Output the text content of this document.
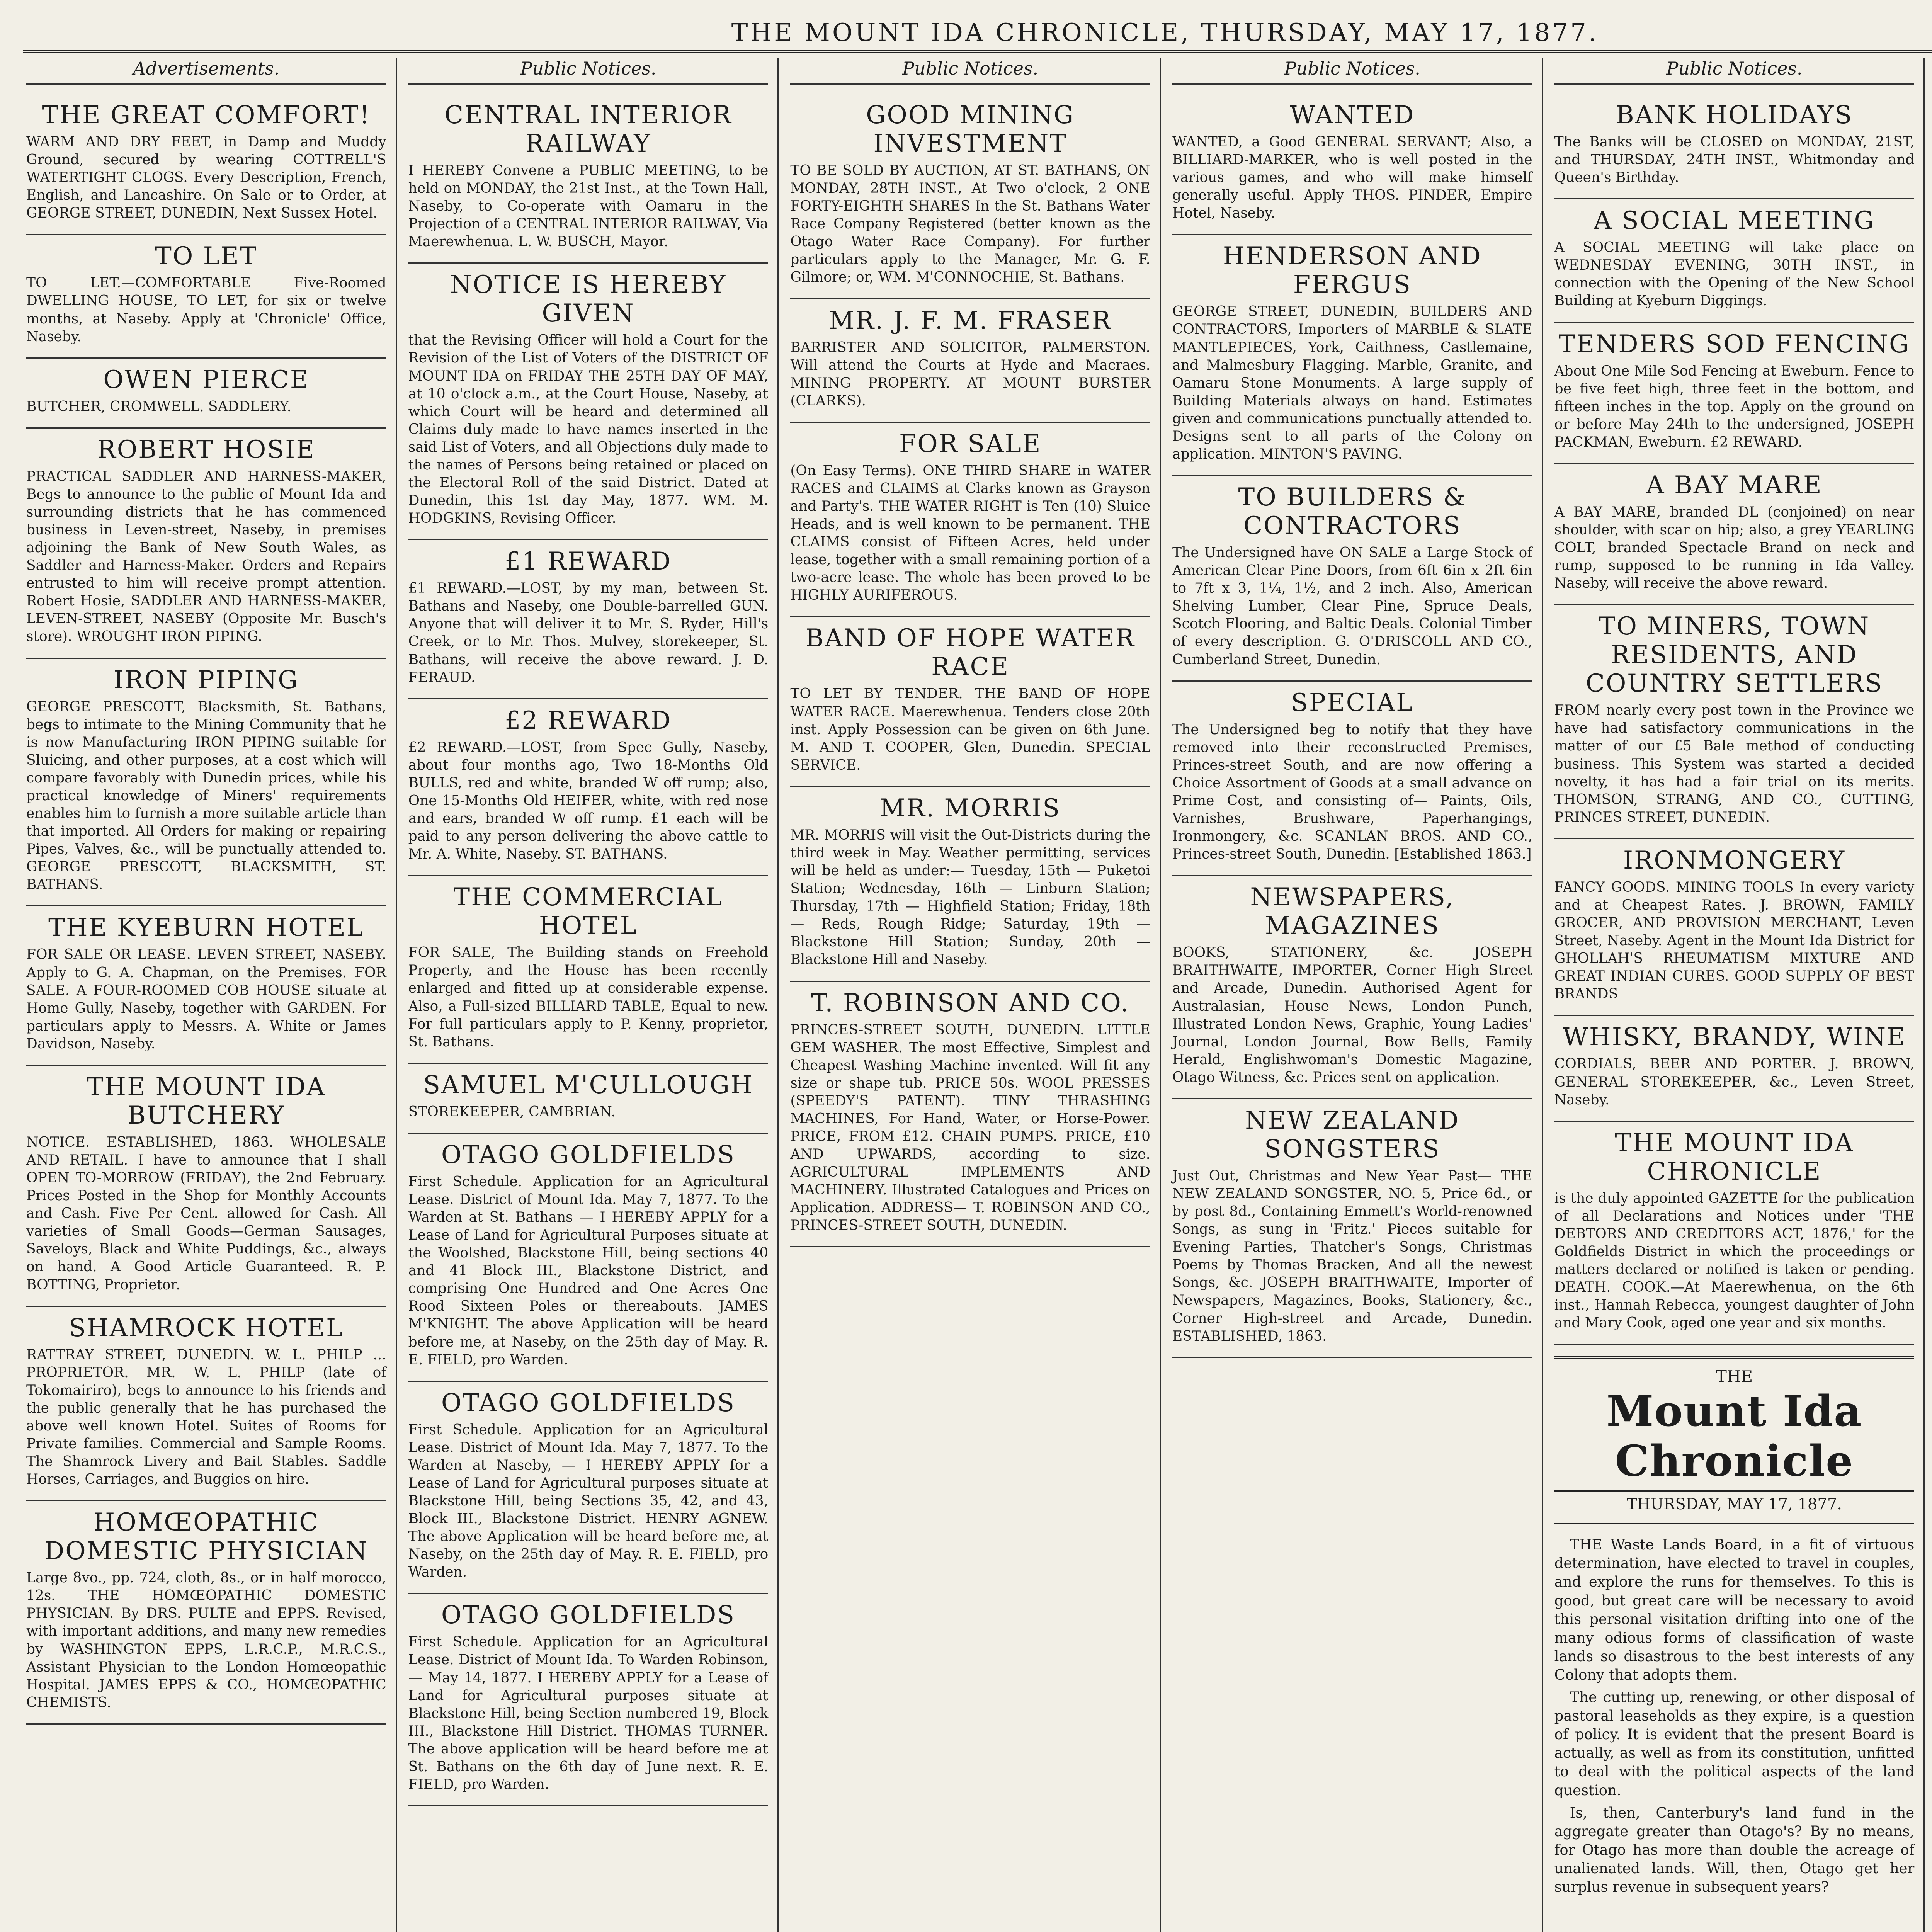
THE MOUNT IDA CHRONICLE, THURSDAY, MAY 17, 1877.
Advertisements.
THE GREAT COMFORT!

WARM AND DRY FEET, in Damp and Muddy Ground, secured by wearing COTTRELL'S WATERTIGHT CLOGS. Every Description, French, English, and Lancashire. On Sale or to Order, at GEORGE STREET, DUNEDIN, Next Sussex Hotel.

TO LET

TO LET.—COMFORTABLE Five-Roomed DWELLING HOUSE, TO LET, for six or twelve months, at Naseby. Apply at 'Chronicle' Office, Naseby.

OWEN PIERCE

BUTCHER, CROMWELL. SADDLERY.

ROBERT HOSIE

PRACTICAL SADDLER AND HARNESS-MAKER, Begs to announce to the public of Mount Ida and surrounding districts that he has commenced business in Leven-street, Naseby, in premises adjoining the Bank of New South Wales, as Saddler and Harness-Maker. Orders and Repairs entrusted to him will receive prompt attention. Robert Hosie, SADDLER AND HARNESS-MAKER, LEVEN-STREET, NASEBY (Opposite Mr. Busch's store). WROUGHT IRON PIPING.

IRON PIPING

GEORGE PRESCOTT, Blacksmith, St. Bathans, begs to intimate to the Mining Community that he is now Manufacturing IRON PIPING suitable for Sluicing, and other purposes, at a cost which will compare favorably with Dunedin prices, while his practical knowledge of Miners' requirements enables him to furnish a more suitable article than that imported. All Orders for making or repairing Pipes, Valves, &c., will be punctually attended to. GEORGE PRESCOTT, BLACKSMITH, ST. BATHANS.

THE KYEBURN HOTEL

FOR SALE OR LEASE. LEVEN STREET, NASEBY. Apply to G. A. Chapman, on the Premises. FOR SALE. A FOUR-ROOMED COB HOUSE situate at Home Gully, Naseby, together with GARDEN. For particulars apply to Messrs. A. White or James Davidson, Naseby.

THE MOUNT IDA BUTCHERY

NOTICE. ESTABLISHED, 1863. WHOLESALE AND RETAIL. I have to announce that I shall OPEN TO-MORROW (FRIDAY), the 2nd February. Prices Posted in the Shop for Monthly Accounts and Cash. Five Per Cent. allowed for Cash. All varieties of Small Goods—German Sausages, Saveloys, Black and White Puddings, &c., always on hand. A Good Article Guaranteed. R. P. BOTTING, Proprietor.

SHAMROCK HOTEL

RATTRAY STREET, DUNEDIN. W. L. PHILP ... PROPRIETOR. MR. W. L. PHILP (late of Tokomairiro), begs to announce to his friends and the public generally that he has purchased the above well known Hotel. Suites of Rooms for Private families. Commercial and Sample Rooms. The Shamrock Livery and Bait Stables. Saddle Horses, Carriages, and Buggies on hire.

HOMŒOPATHIC DOMESTIC PHYSICIAN

Large 8vo., pp. 724, cloth, 8s., or in half morocco, 12s. THE HOMŒOPATHIC DOMESTIC PHYSICIAN. By DRS. PULTE and EPPS. Revised, with important additions, and many new remedies by WASHINGTON EPPS, L.R.C.P., M.R.C.S., Assistant Physician to the London Homœopathic Hospital. JAMES EPPS & CO., HOMŒOPATHIC CHEMISTS.

Public Notices.
CENTRAL INTERIOR RAILWAY

I HEREBY Convene a PUBLIC MEETING, to be held on MONDAY, the 21st Inst., at the Town Hall, Naseby, to Co-operate with Oamaru in the Projection of a CENTRAL INTERIOR RAILWAY, Via Maerewhenua. L. W. BUSCH, Mayor.

NOTICE IS HEREBY GIVEN

that the Revising Officer will hold a Court for the Revision of the List of Voters of the DISTRICT OF MOUNT IDA on FRIDAY THE 25TH DAY OF MAY, at 10 o'clock a.m., at the Court House, Naseby, at which Court will be heard and determined all Claims duly made to have names inserted in the said List of Voters, and all Objections duly made to the names of Persons being retained or placed on the Electoral Roll of the said District. Dated at Dunedin, this 1st day May, 1877. WM. M. HODGKINS, Revising Officer.

£1 REWARD

£1 REWARD.—LOST, by my man, between St. Bathans and Naseby, one Double-barrelled GUN. Anyone that will deliver it to Mr. S. Ryder, Hill's Creek, or to Mr. Thos. Mulvey, storekeeper, St. Bathans, will receive the above reward. J. D. FERAUD.

£2 REWARD

£2 REWARD.—LOST, from Spec Gully, Naseby, about four months ago, Two 18-Months Old BULLS, red and white, branded W off rump; also, One 15-Months Old HEIFER, white, with red nose and ears, branded W off rump. £1 each will be paid to any person delivering the above cattle to Mr. A. White, Naseby. ST. BATHANS.

THE COMMERCIAL HOTEL

FOR SALE, The Building stands on Freehold Property, and the House has been recently enlarged and fitted up at considerable expense. Also, a Full-sized BILLIARD TABLE, Equal to new. For full particulars apply to P. Kenny, proprietor, St. Bathans.

SAMUEL M'CULLOUGH

STOREKEEPER, CAMBRIAN.

OTAGO GOLDFIELDS

First Schedule. Application for an Agricultural Lease. District of Mount Ida. May 7, 1877. To the Warden at St. Bathans — I HEREBY APPLY for a Lease of Land for Agricultural Purposes situate at the Woolshed, Blackstone Hill, being sections 40 and 41 Block III., Blackstone District, and comprising One Hundred and One Acres One Rood Sixteen Poles or thereabouts. JAMES M'KNIGHT. The above Application will be heard before me, at Naseby, on the 25th day of May. R. E. FIELD, pro Warden.

OTAGO GOLDFIELDS

First Schedule. Application for an Agricultural Lease. District of Mount Ida. May 7, 1877. To the Warden at Naseby, — I HEREBY APPLY for a Lease of Land for Agricultural purposes situate at Blackstone Hill, being Sections 35, 42, and 43, Block III., Blackstone District. HENRY AGNEW. The above Application will be heard before me, at Naseby, on the 25th day of May. R. E. FIELD, pro Warden.

OTAGO GOLDFIELDS

First Schedule. Application for an Agricultural Lease. District of Mount Ida. To Warden Robinson,— May 14, 1877. I HEREBY APPLY for a Lease of Land for Agricultural purposes situate at Blackstone Hill, being Section numbered 19, Block III., Blackstone Hill District. THOMAS TURNER. The above application will be heard before me at St. Bathans on the 6th day of June next. R. E. FIELD, pro Warden.

Public Notices.
GOOD MINING INVESTMENT

TO BE SOLD BY AUCTION, AT ST. BATHANS, ON MONDAY, 28TH INST., At Two o'clock, 2 ONE FORTY-EIGHTH SHARES In the St. Bathans Water Race Company Registered (better known as the Otago Water Race Company). For further particulars apply to the Manager, Mr. G. F. Gilmore; or, WM. M'CONNOCHIE, St. Bathans.

MR. J. F. M. FRASER

BARRISTER AND SOLICITOR, PALMERSTON. Will attend the Courts at Hyde and Macraes. MINING PROPERTY. AT MOUNT BURSTER (CLARKS).

FOR SALE

(On Easy Terms). ONE THIRD SHARE in WATER RACES and CLAIMS at Clarks known as Grayson and Party's. THE WATER RIGHT is Ten (10) Sluice Heads, and is well known to be permanent. THE CLAIMS consist of Fifteen Acres, held under lease, together with a small remaining portion of a two-acre lease. The whole has been proved to be HIGHLY AURIFEROUS.

BAND OF HOPE WATER RACE

TO LET BY TENDER. THE BAND OF HOPE WATER RACE. Maerewhenua. Tenders close 20th inst. Apply Possession can be given on 6th June. M. AND T. COOPER, Glen, Dunedin. SPECIAL SERVICE.

MR. MORRIS

MR. MORRIS will visit the Out-Districts during the third week in May. Weather permitting, services will be held as under:— Tuesday, 15th — Puketoi Station; Wednesday, 16th — Linburn Station; Thursday, 17th — Highfield Station; Friday, 18th — Reds, Rough Ridge; Saturday, 19th — Blackstone Hill Station; Sunday, 20th — Blackstone Hill and Naseby.

T. ROBINSON AND CO.

PRINCES-STREET SOUTH, DUNEDIN. LITTLE GEM WASHER. The most Effective, Simplest and Cheapest Washing Machine invented. Will fit any size or shape tub. PRICE 50s. WOOL PRESSES (SPEEDY'S PATENT). TINY THRASHING MACHINES, For Hand, Water, or Horse-Power. PRICE, FROM £12. CHAIN PUMPS. PRICE, £10 AND UPWARDS, according to size. AGRICULTURAL IMPLEMENTS AND MACHINERY. Illustrated Catalogues and Prices on Application. ADDRESS— T. ROBINSON AND CO., PRINCES-STREET SOUTH, DUNEDIN.

Public Notices.
WANTED

WANTED, a Good GENERAL SERVANT; Also, a BILLIARD-MARKER, who is well posted in the various games, and who will make himself generally useful. Apply THOS. PINDER, Empire Hotel, Naseby.

HENDERSON AND FERGUS

GEORGE STREET, DUNEDIN, BUILDERS AND CONTRACTORS, Importers of MARBLE & SLATE MANTLEPIECES, York, Caithness, Castlemaine, and Malmesbury Flagging. Marble, Granite, and Oamaru Stone Monuments. A large supply of Building Materials always on hand. Estimates given and communications punctually attended to. Designs sent to all parts of the Colony on application. MINTON'S PAVING.

TO BUILDERS & CONTRACTORS

The Undersigned have ON SALE a Large Stock of American Clear Pine Doors, from 6ft 6in x 2ft 6in to 7ft x 3, 1¼, 1½, and 2 inch. Also, American Shelving Lumber, Clear Pine, Spruce Deals, Scotch Flooring, and Baltic Deals. Colonial Timber of every description. G. O'DRISCOLL AND CO., Cumberland Street, Dunedin.

SPECIAL

The Undersigned beg to notify that they have removed into their reconstructed Premises, Princes-street South, and are now offering a Choice Assortment of Goods at a small advance on Prime Cost, and consisting of— Paints, Oils, Varnishes, Brushware, Paperhangings, Ironmongery, &c. SCANLAN BROS. AND CO., Princes-street South, Dunedin. [Established 1863.]

NEWSPAPERS, MAGAZINES

BOOKS, STATIONERY, &c. JOSEPH BRAITHWAITE, IMPORTER, Corner High Street and Arcade, Dunedin. Authorised Agent for Australasian, House News, London Punch, Illustrated London News, Graphic, Young Ladies' Journal, London Journal, Bow Bells, Family Herald, Englishwoman's Domestic Magazine, Otago Witness, &c. Prices sent on application.

NEW ZEALAND SONGSTERS

Just Out, Christmas and New Year Past— THE NEW ZEALAND SONGSTER, NO. 5, Price 6d., or by post 8d., Containing Emmett's World-renowned Songs, as sung in 'Fritz.' Pieces suitable for Evening Parties, Thatcher's Songs, Christmas Poems by Thomas Bracken, And all the newest Songs, &c. JOSEPH BRAITHWAITE, Importer of Newspapers, Magazines, Books, Stationery, &c., Corner High-street and Arcade, Dunedin. ESTABLISHED, 1863.

Public Notices.
BANK HOLIDAYS

The Banks will be CLOSED on MONDAY, 21ST, and THURSDAY, 24TH INST., Whitmonday and Queen's Birthday.

A SOCIAL MEETING

A SOCIAL MEETING will take place on WEDNESDAY EVENING, 30TH INST., in connection with the Opening of the New School Building at Kyeburn Diggings.

TENDERS SOD FENCING

About One Mile Sod Fencing at Eweburn. Fence to be five feet high, three feet in the bottom, and fifteen inches in the top. Apply on the ground on or before May 24th to the undersigned, JOSEPH PACKMAN, Eweburn. £2 REWARD.

A BAY MARE

A BAY MARE, branded DL (conjoined) on near shoulder, with scar on hip; also, a grey YEARLING COLT, branded Spectacle Brand on neck and rump, supposed to be running in Ida Valley. Naseby, will receive the above reward.

TO MINERS, TOWN RESIDENTS, AND COUNTRY SETTLERS

FROM nearly every post town in the Province we have had satisfactory communications in the matter of our £5 Bale method of conducting business. This System was started a decided novelty, it has had a fair trial on its merits. THOMSON, STRANG, AND CO., CUTTING, PRINCES STREET, DUNEDIN.

IRONMONGERY

FANCY GOODS. MINING TOOLS In every variety and at Cheapest Rates. J. BROWN, FAMILY GROCER, AND PROVISION MERCHANT, Leven Street, Naseby. Agent in the Mount Ida District for GHOLLAH'S RHEUMATISM MIXTURE AND GREAT INDIAN CURES. GOOD SUPPLY OF BEST BRANDS

WHISKY, BRANDY, WINE

CORDIALS, BEER AND PORTER. J. BROWN, GENERAL STOREKEEPER, &c., Leven Street, Naseby.

THE MOUNT IDA CHRONICLE

is the duly appointed GAZETTE for the publication of all Declarations and Notices under 'THE DEBTORS AND CREDITORS ACT, 1876,' for the Goldfields District in which the proceedings or matters declared or notified is taken or pending. DEATH. COOK.—At Maerewhenua, on the 6th inst., Hannah Rebecca, youngest daughter of John and Mary Cook, aged one year and six months.

THE
Mount Ida Chronicle
THURSDAY, MAY 17, 1877.

THE Waste Lands Board, in a fit of virtuous determination, have elected to travel in couples, and explore the runs for themselves. To this is good, but great care will be necessary to avoid this personal visitation drifting into one of the many odious forms of classification of waste lands so disastrous to the best interests of any Colony that adopts them.

The cutting up, renewing, or other disposal of pastoral leaseholds as they expire, is a question of policy. It is evident that the present Board is actually, as well as from its constitution, unfitted to deal with the political aspects of the land question.

Is, then, Canterbury's land fund in the aggregate greater than Otago's? By no means, for Otago has more than double the acreage of unalienated lands. Will, then, Otago get her surplus revenue in subsequent years?
